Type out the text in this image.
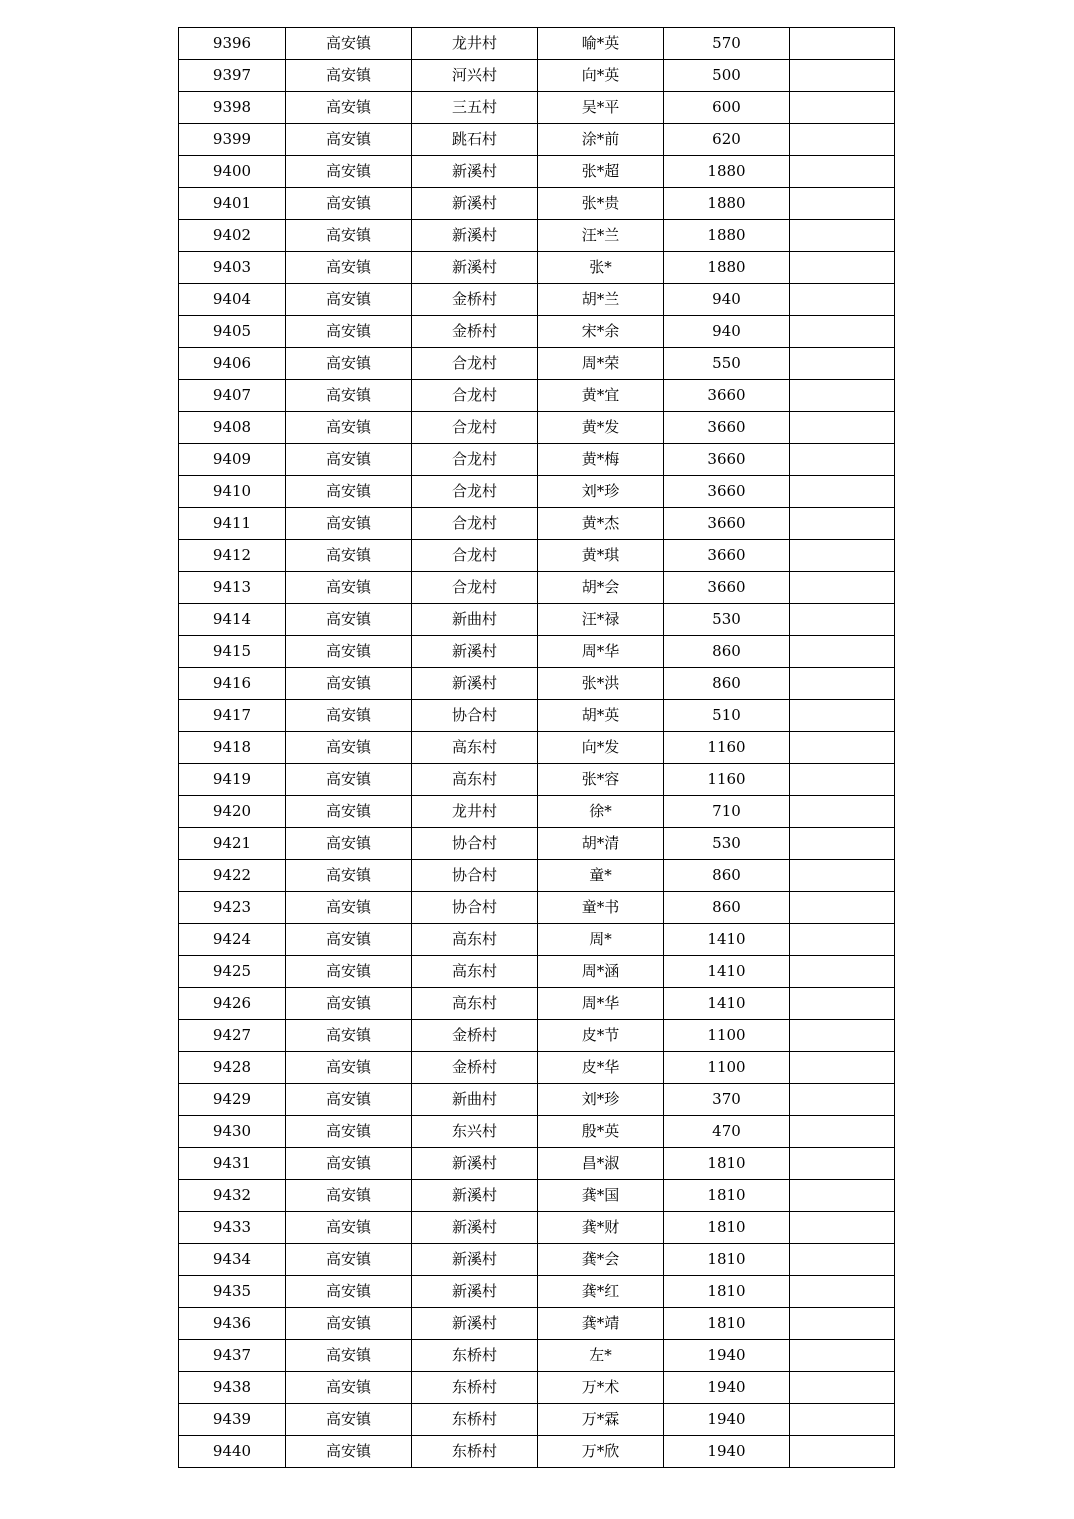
9396	高安镇	龙井村	喻*英	570	
9397	高安镇	河兴村	向*英	500	
9398	高安镇	三五村	吴*平	600	
9399	高安镇	跳石村	涂*前	620	
9400	高安镇	新溪村	张*超	1880	
9401	高安镇	新溪村	张*贵	1880	
9402	高安镇	新溪村	汪*兰	1880	
9403	高安镇	新溪村	张*	1880	
9404	高安镇	金桥村	胡*兰	940	
9405	高安镇	金桥村	宋*余	940	
9406	高安镇	合龙村	周*荣	550	
9407	高安镇	合龙村	黄*宜	3660	
9408	高安镇	合龙村	黄*发	3660	
9409	高安镇	合龙村	黄*梅	3660	
9410	高安镇	合龙村	刘*珍	3660	
9411	高安镇	合龙村	黄*杰	3660	
9412	高安镇	合龙村	黄*琪	3660	
9413	高安镇	合龙村	胡*会	3660	
9414	高安镇	新曲村	汪*禄	530	
9415	高安镇	新溪村	周*华	860	
9416	高安镇	新溪村	张*洪	860	
9417	高安镇	协合村	胡*英	510	
9418	高安镇	高东村	向*发	1160	
9419	高安镇	高东村	张*容	1160	
9420	高安镇	龙井村	徐*	710	
9421	高安镇	协合村	胡*清	530	
9422	高安镇	协合村	童*	860	
9423	高安镇	协合村	童*书	860	
9424	高安镇	高东村	周*	1410	
9425	高安镇	高东村	周*涵	1410	
9426	高安镇	高东村	周*华	1410	
9427	高安镇	金桥村	皮*节	1100	
9428	高安镇	金桥村	皮*华	1100	
9429	高安镇	新曲村	刘*珍	370	
9430	高安镇	东兴村	殷*英	470	
9431	高安镇	新溪村	昌*淑	1810	
9432	高安镇	新溪村	龚*国	1810	
9433	高安镇	新溪村	龚*财	1810	
9434	高安镇	新溪村	龚*会	1810	
9435	高安镇	新溪村	龚*红	1810	
9436	高安镇	新溪村	龚*靖	1810	
9437	高安镇	东桥村	左*	1940	
9438	高安镇	东桥村	万*术	1940	
9439	高安镇	东桥村	万*霖	1940	
9440	高安镇	东桥村	万*欣	1940	
